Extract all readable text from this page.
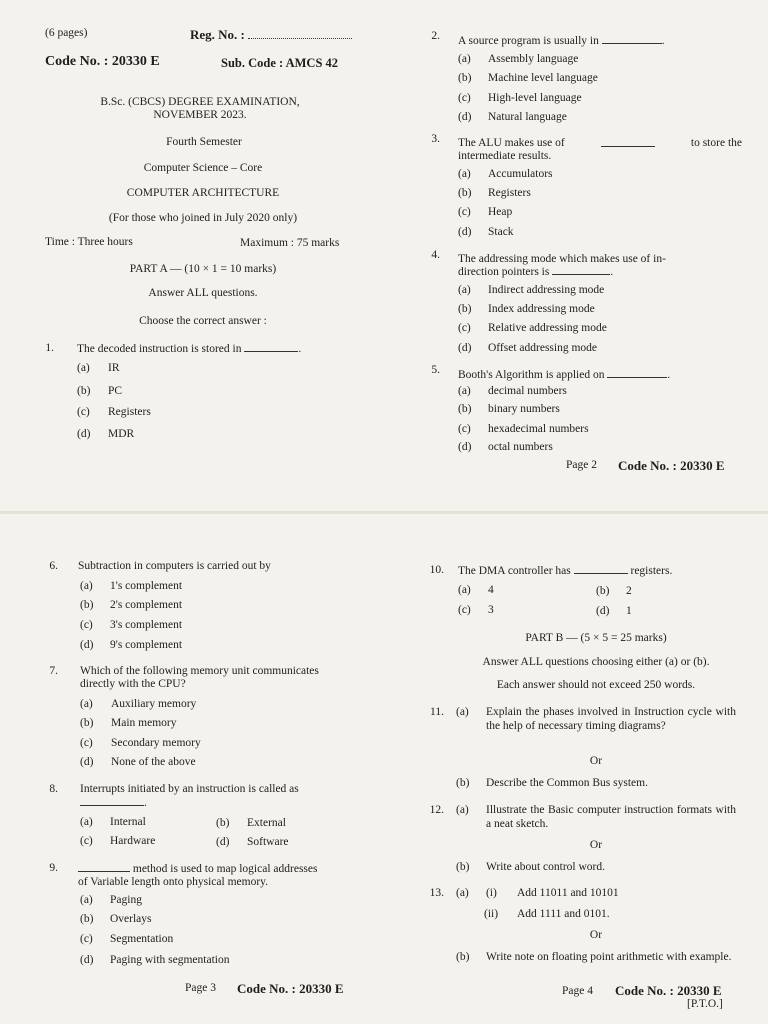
(6 pages)	Reg. No. :
Code No. : 20330 E	Sub. Code : AMCS 42
B.Sc. (CBCS) DEGREE EXAMINATION,
NOVEMBER 2023.
Fourth Semester
Computer Science – Core
COMPUTER ARCHITECTURE
(For those who joined in July 2020 only)
Time : Three hours	Maximum : 75 marks
PART A — (10 × 1 = 10 marks)
Answer ALL questions.
Choose the correct answer :
1. The decoded instruction is stored in	.
(a) IR
(b) PC
(c) Registers
(d) MDR
2. A source program is usually in	.
(a) Assembly language
(b) Machine level language
(c) High-level language
(d) Natural language
3. The ALU makes use of	to store the
intermediate results.
(a) Accumulators
(b) Registers
(c) Heap
(d) Stack
4. The addressing mode which makes use of in-
direction pointers is	.
(a) Indirect addressing mode
(b) Index addressing mode
(c) Relative addressing mode
(d) Offset addressing mode
5. Booth's Algorithm is applied on	.
(a) decimal numbers
(b) binary numbers
(c) hexadecimal numbers
(d) octal numbers
Page 2 Code No. : 20330 E
6. Subtraction in computers is carried out by
(a) 1's complement
(b) 2's complement
(c) 3's complement
(d) 9's complement
7. Which of the following memory unit communicates
directly with the CPU?
(a) Auxiliary memory
(b) Main memory
(c) Secondary memory
(d) None of the above
8. Interrupts initiated by an instruction is called as
.
(a) Internal	(b) External
(c) Hardware	(d) Software
9.	method is used to map logical addresses
of Variable length onto physical memory.
(a) Paging
(b) Overlays
(c) Segmentation
(d) Paging with segmentation
Page 3 Code No. : 20330 E
10. The DMA controller has	registers.
(a) 4	(b) 2
(c) 3	(d) 1
PART B — (5 × 5 = 25 marks)
Answer ALL questions choosing either (a) or (b).
Each answer should not exceed 250 words.
11. (a) Explain the phases involved in Instruction cycle with the help of necessary timing diagrams?
Or
(b) Describe the Common Bus system.
12. (a) Illustrate the Basic computer instruction formats with a neat sketch.
Or
(b) Write about control word.
13. (a) (i) Add 11011 and 10101
(ii) Add 1111 and 0101.
Or
(b) Write note on floating point arithmetic with example.
Page 4 Code No. : 20330 E
[P.T.O.]
